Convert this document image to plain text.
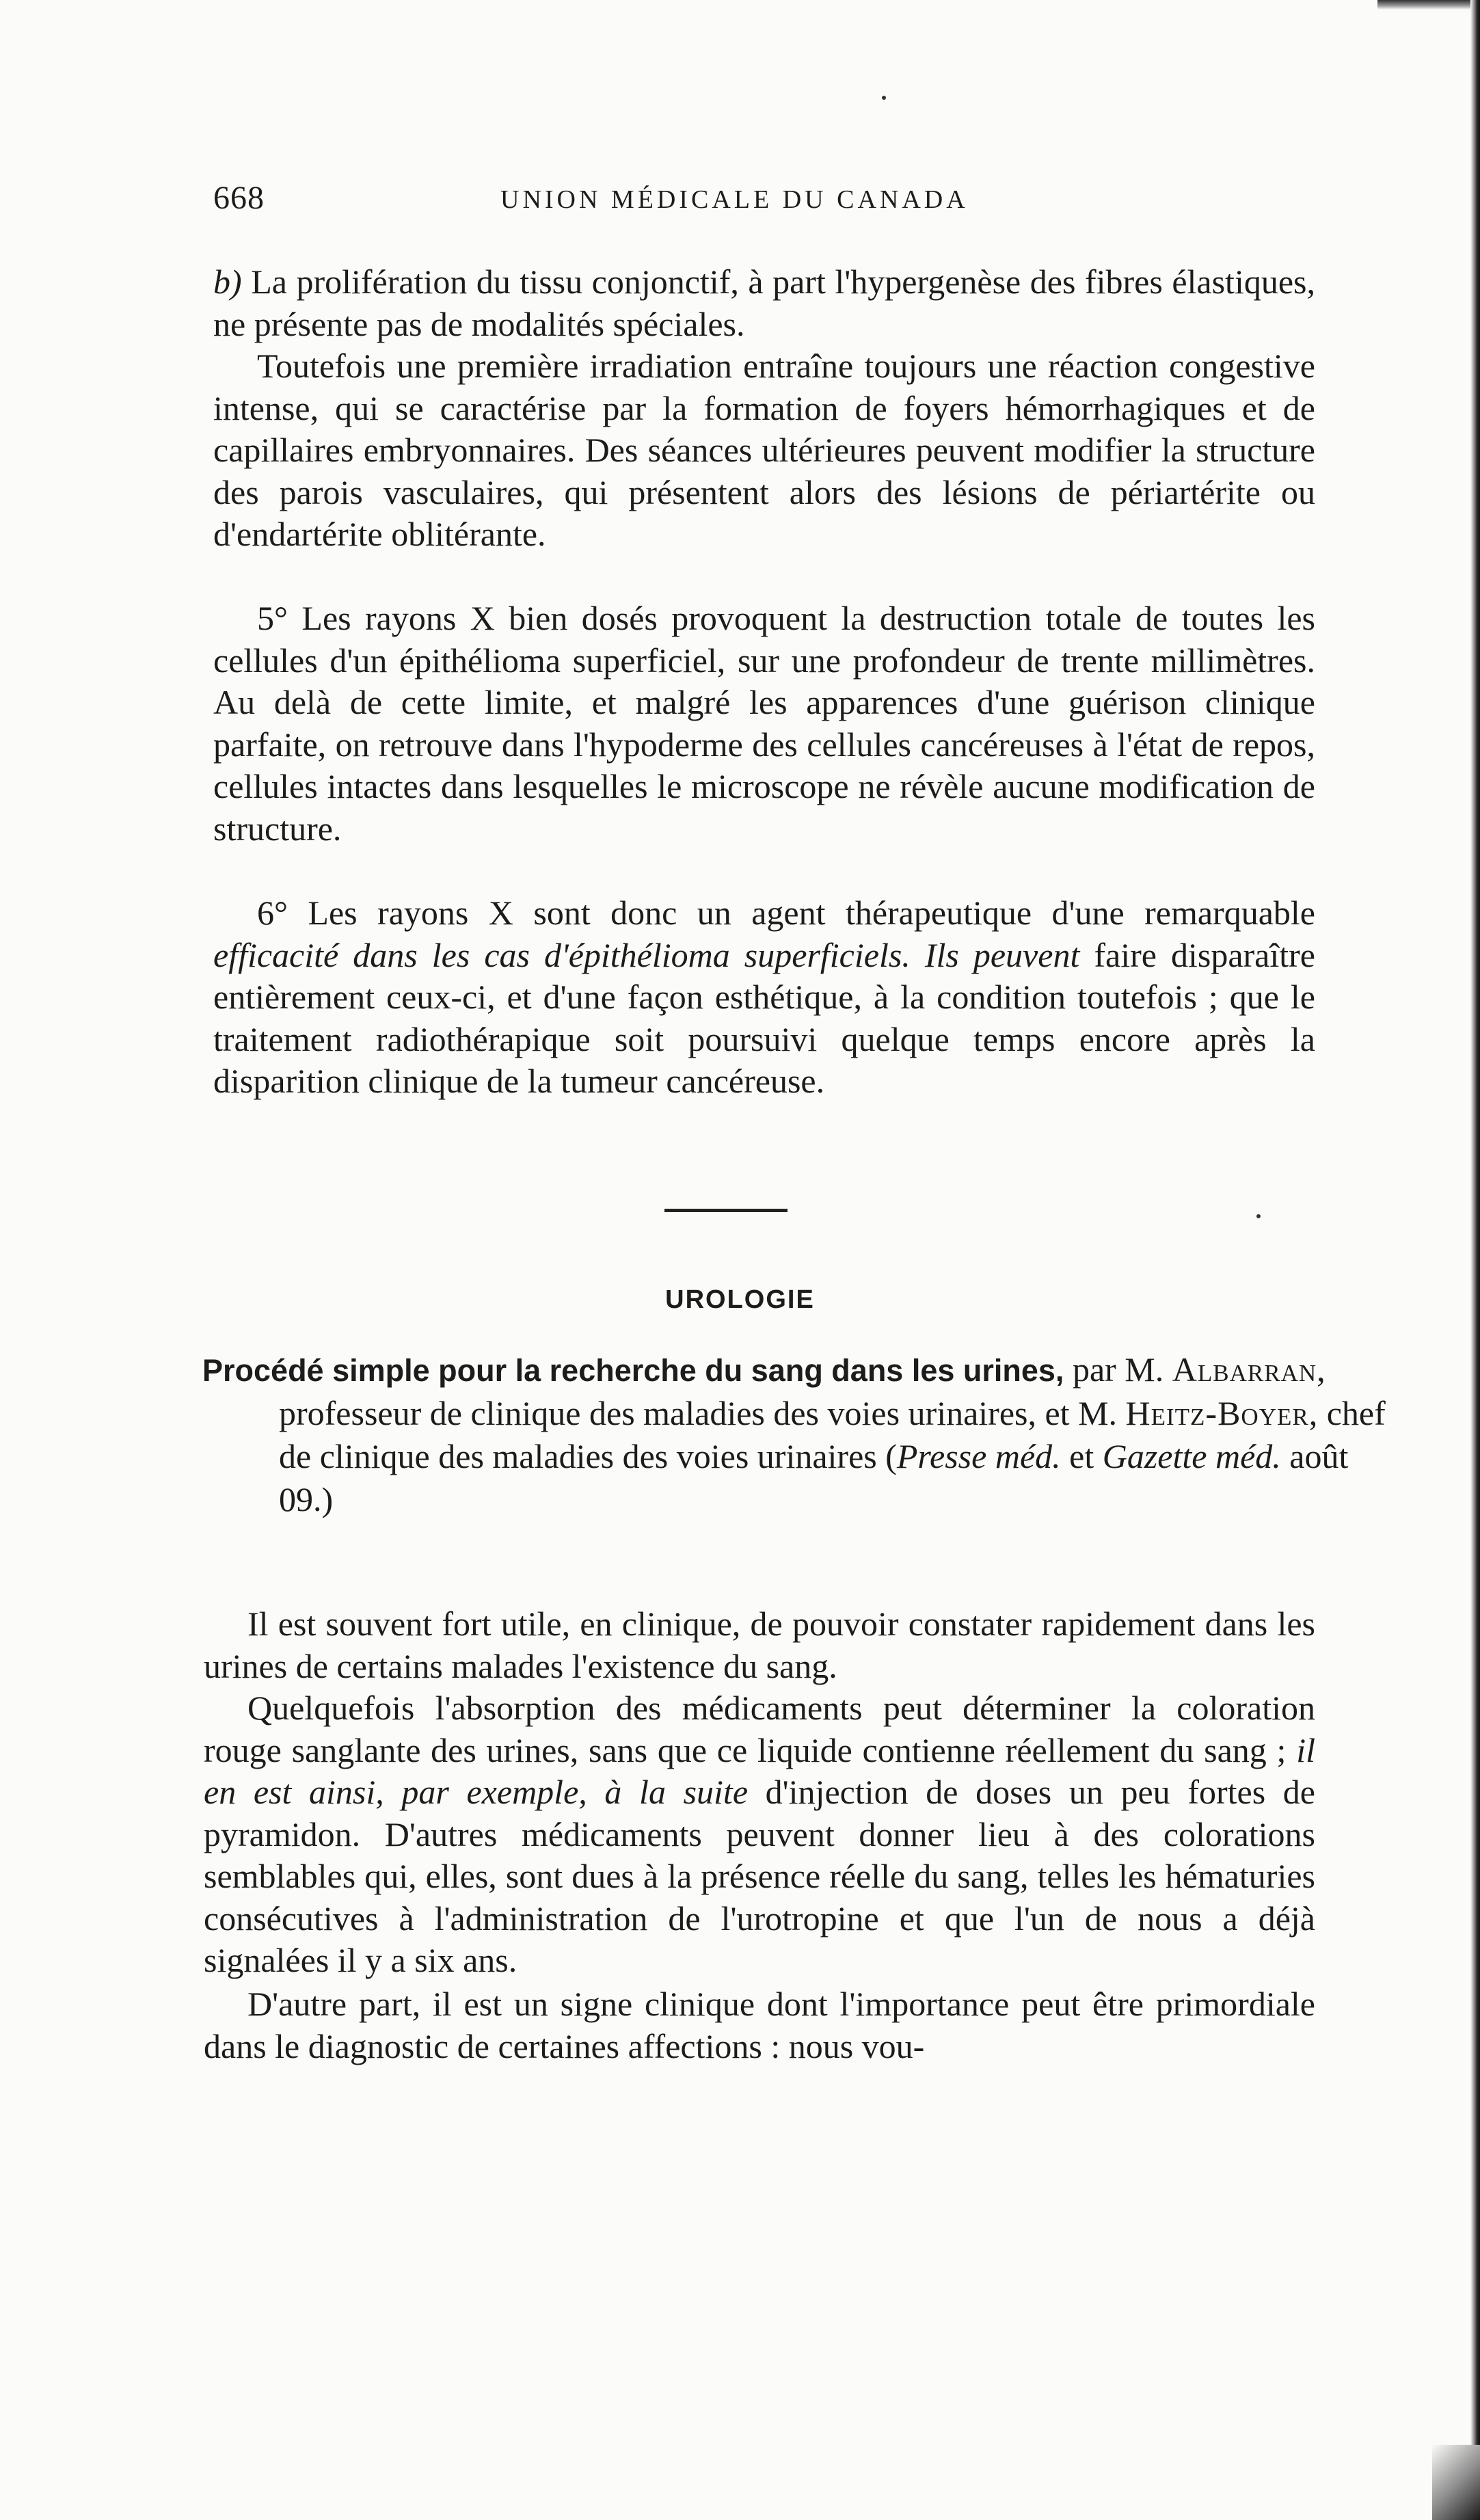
668	UNION MÉDICALE DU CANADA

b) La prolifération du tissu conjonctif, à part l'hypergenèse des fibres élastiques, ne présente pas de modalités spéciales.

Toutefois une première irradiation entraîne toujours une réaction congestive intense, qui se caractérise par la formation de foyers hémorrhagiques et de capillaires embryonnaires. Des séances ultérieures peuvent modifier la structure des parois vasculaires, qui présentent alors des lésions de périartérite ou d'endartérite oblitérante.

5° Les rayons X bien dosés provoquent la destruction totale de toutes les cellules d'un épithélioma superficiel, sur une profondeur de trente millimètres. Au delà de cette limite, et malgré les apparences d'une guérison clinique parfaite, on retrouve dans l'hypoderme des cellules cancéreuses à l'état de repos, cellules intactes dans lesquelles le microscope ne révèle aucune modification de structure.

6° Les rayons X sont donc un agent thérapeutique d'une remarquable efficacité dans les cas d'épithélioma superficiels. Ils peuvent faire disparaître entièrement ceux-ci, et d'une façon esthétique, à la condition toutefois ; que le traitement radiothérapique soit poursuivi quelque temps encore après la disparition clinique de la tumeur cancéreuse.

UROLOGIE

Procédé simple pour la recherche du sang dans les urines, par M. Albarran, professeur de clinique des maladies des voies urinaires, et M. Heitz-Boyer, chef de clinique des maladies des voies urinaires (Presse méd. et Gazette méd. août 09.)

Il est souvent fort utile, en clinique, de pouvoir constater rapidement dans les urines de certains malades l'existence du sang.

Quelquefois l'absorption des médicaments peut déterminer la coloration rouge sanglante des urines, sans que ce liquide contienne réellement du sang ; il en est ainsi, par exemple, à la suite d'injection de doses un peu fortes de pyramidon. D'autres médicaments peuvent donner lieu à des colorations semblables qui, elles, sont dues à la présence réelle du sang, telles les hématuries consécutives à l'administration de l'urotropine et que l'un de nous a déjà signalées il y a six ans.

D'autre part, il est un signe clinique dont l'importance peut être primordiale dans le diagnostic de certaines affections : nous vou-
